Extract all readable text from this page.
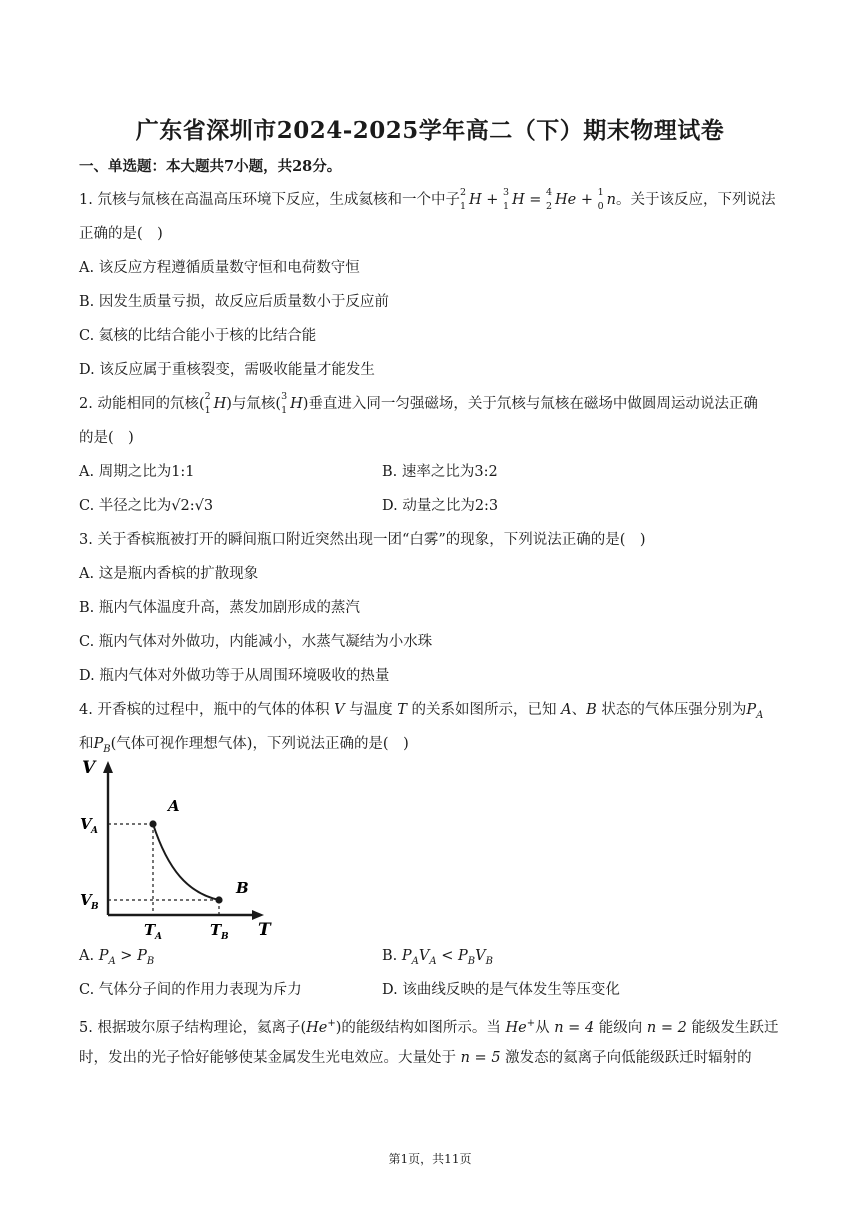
广东省深圳市2024-2025学年高二（下）期末物理试卷
一、单选题：本大题共7小题，共28分。
1. 氘核与氚核在高温高压环境下反应，生成氦核和一个中子 2
1 H + 3
1 H = 4
2 He + 1
0 n。关于该反应，下列说法
正确的是(　)
A. 该反应方程遵循质量数守恒和电荷数守恒
B. 因发生质量亏损，故反应后质量数小于反应前
C. 氦核的比结合能小于核的比结合能
D. 该反应属于重核裂变，需吸收能量才能发生
2. 动能相同的氘核( 2
1 H)与氚核( 3
1 H)垂直进入同一匀强磁场，关于氘核与氚核在磁场中做圆周运动说法正确
的是(　)
A. 周期之比为1:1	B. 速率之比为3:2
C. 半径之比为√2:√3	D. 动量之比为2:3
3. 关于香槟瓶被打开的瞬间瓶口附近突然出现一团“白雾”的现象，下列说法正确的是(　)
A. 这是瓶内香槟的扩散现象
B. 瓶内气体温度升高，蒸发加剧形成的蒸汽
C. 瓶内气体对外做功，内能减小，水蒸气凝结为小水珠
D. 瓶内气体对外做功等于从周围环境吸收的热量
4. 开香槟的过程中，瓶中的气体的体积 V 与温度 T 的关系如图所示，已知 A、B 状态的气体压强分别为$P_A$
和$P_B$(气体可视作理想气体)，下列说法正确的是(　)
V
T
A
B
V A
V B
T A	T B
A. $P_A > P_B$	B. $P_AV_A < P_BV_B$
C. 气体分子间的作用力表现为斥力	D. 该曲线反映的是气体发生等压变化
5. 根据玻尔原子结构理论，氦离子(He+)的能级结构如图所示。当 He+从 n = 4 能级向 n = 2 能级发生跃迁
时，发出的光子恰好能够使某金属发生光电效应。大量处于 n = 5 激发态的氦离子向低能级跃迁时辐射的
第1页，共11页
